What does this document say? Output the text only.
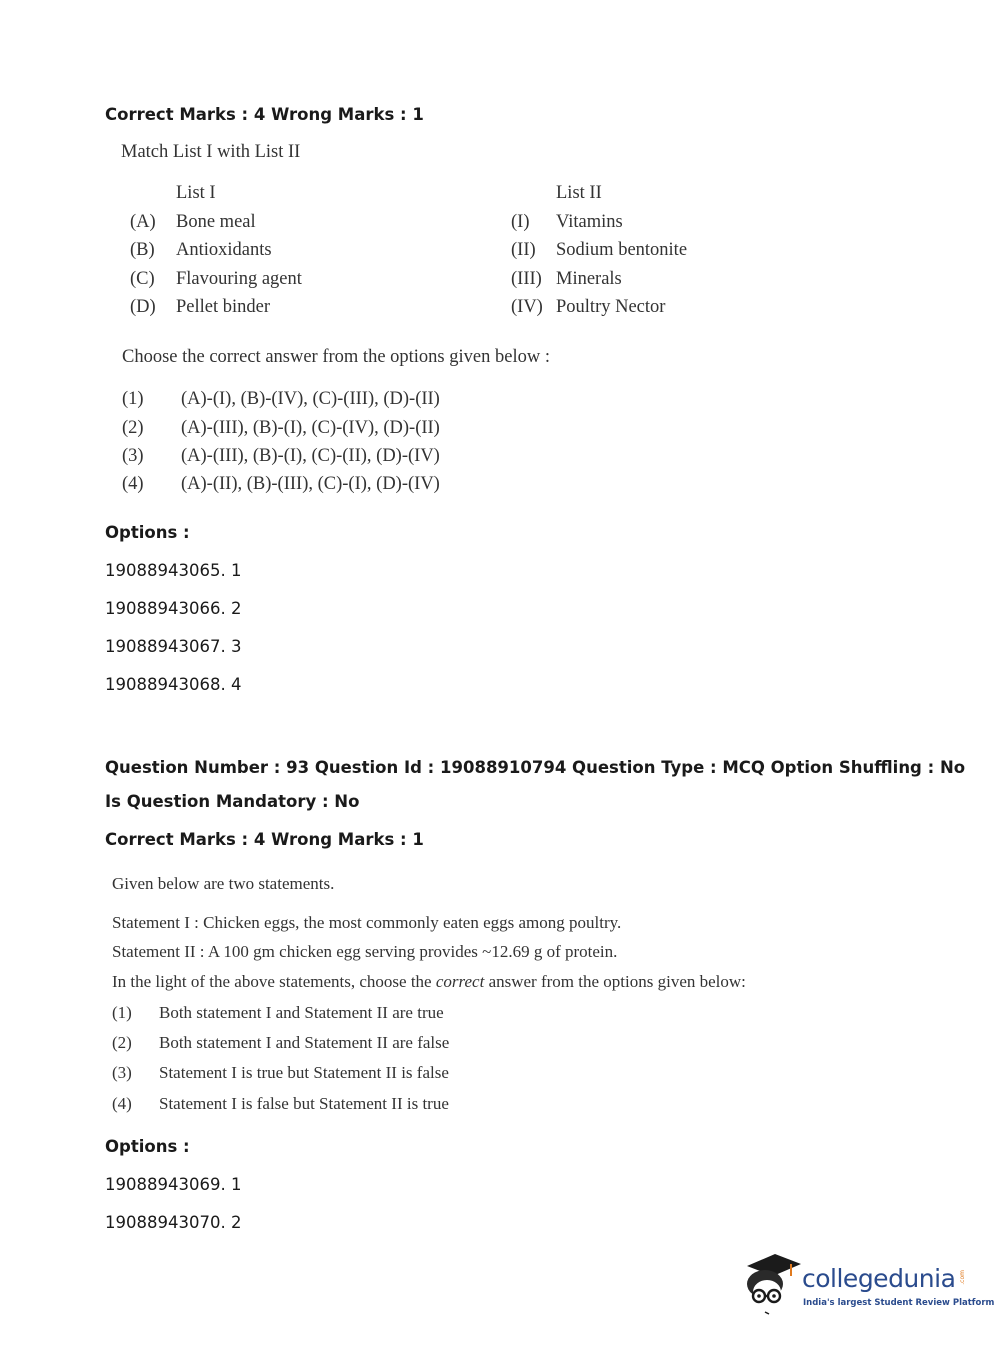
Correct Marks : 4 Wrong Marks : 1
Match List I with List II
List I	List II
(A) Bone meal
(B) Antioxidants
(C) Flavouring agent
(D) Pellet binder
(I) Vitamins
(II) Sodium bentonite
(III) Minerals
(IV) Poultry Nector
Choose the correct answer from the options given below :
(1) (A)-(I), (B)-(IV), (C)-(III), (D)-(II)
(2) (A)-(III), (B)-(I), (C)-(IV), (D)-(II)
(3) (A)-(III), (B)-(I), (C)-(II), (D)-(IV)
(4) (A)-(II), (B)-(III), (C)-(I), (D)-(IV)
Options :
19088943065. 1
19088943066. 2
19088943067. 3
19088943068. 4
Question Number : 93 Question Id : 19088910794 Question Type : MCQ Option Shuffling : No
Is Question Mandatory : No
Correct Marks : 4 Wrong Marks : 1
Given below are two statements.
Statement I : Chicken eggs, the most commonly eaten eggs among poultry.
Statement II : A 100 gm chicken egg serving provides ~12.69 g of protein.
In the light of the above statements, choose the correct answer from the options given below:
(1) Both statement I and Statement II are true
(2) Both statement I and Statement II are false
(3) Statement I is true but Statement II is false
(4) Statement I is false but Statement II is true
Options :
19088943069. 1
19088943070. 2
collegedunia .com
India's largest Student Review Platform
